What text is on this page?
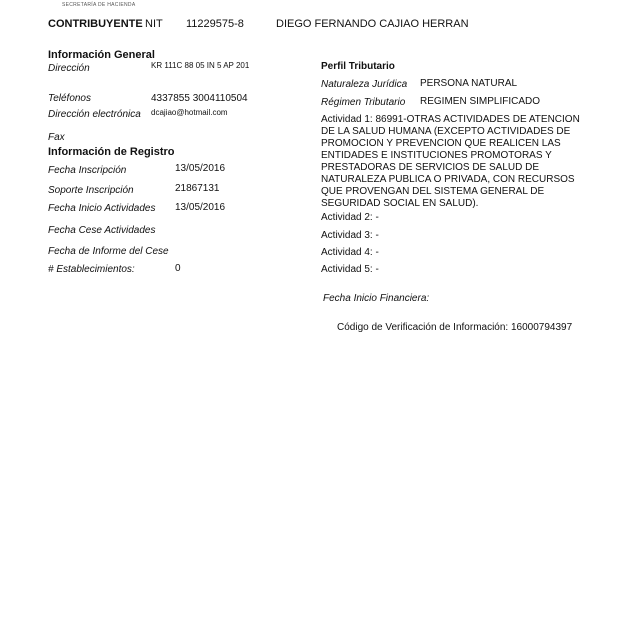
SECRETARÍA DE HACIENDA
CONTRIBUYENTE NIT 11229575-8	DIEGO FERNANDO CAJIAO HERRAN
Información General
Dirección	KR 111C 88 05 IN 5 AP 201
Teléfonos	4337855 3004110504
Dirección electrónica dcajiao@hotmail.com
Fax
Información de Registro
Fecha Inscripción	13/05/2016
Soporte Inscripción	21867131
Fecha Inicio Actividades 13/05/2016
Fecha Cese Actividades
Fecha de Informe del Cese
# Establecimientos:	0
Perfil Tributario
Naturaleza Jurídica PERSONA NATURAL
Régimen Tributario REGIMEN SIMPLIFICADO
Actividad 1: 86991-OTRAS ACTIVIDADES DE ATENCION DE LA SALUD HUMANA (EXCEPTO ACTIVIDADES DE PROMOCION Y PREVENCION QUE REALICEN LAS ENTIDADES E INSTITUCIONES PROMOTORAS Y PRESTADORAS DE SERVICIOS DE SALUD DE NATURALEZA PUBLICA O PRIVADA, CON RECURSOS QUE PROVENGAN DEL SISTEMA GENERAL DE SEGURIDAD SOCIAL EN SALUD).
Actividad 2: -
Actividad 3: -
Actividad 4: -
Actividad 5: -
Fecha Inicio Financiera:
Código de Verificación de Información: 16000794397
